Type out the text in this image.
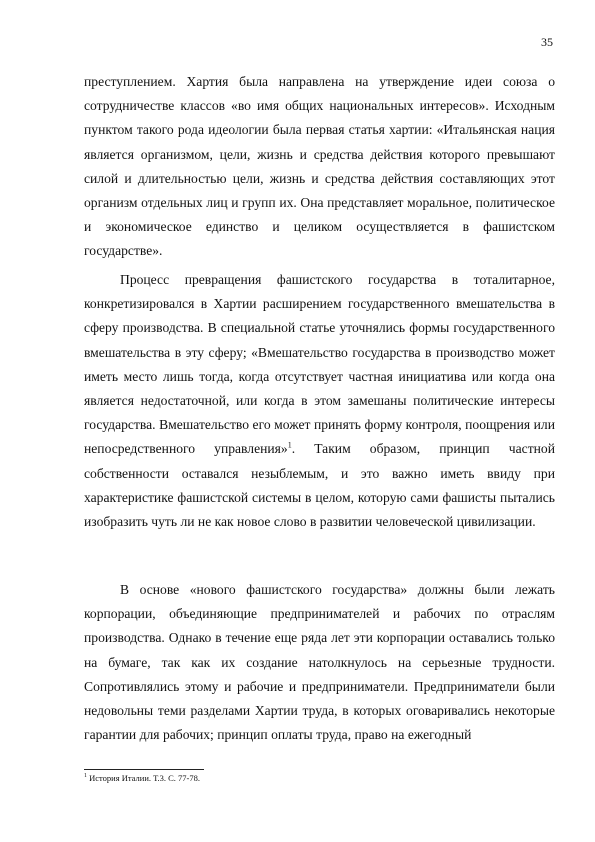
35

преступлением. Хартия была направлена на утверждение идеи союза о сотрудничестве классов «во имя общих национальных интересов». Исходным пунктом такого рода идеологии была первая статья хартии: «Итальянская нация является организмом, цели, жизнь и средства действия которого превышают силой и длительностью цели, жизнь и средства действия составляющих этот организм отдельных лиц и групп их. Она представляет моральное, политическое и экономическое единство и целиком осуществляется в фашистском государстве».

Процесс превращения фашистского государства в тоталитарное, конкретизировался в Хартии расширением государственного вмешательства в сферу производства. В специальной статье уточнялись формы государственного вмешательства в эту сферу; «Вмешательство государства в производство может иметь место лишь тогда, когда отсутствует частная инициатива или когда она является недостаточной, или когда в этом замешаны политические интересы государства. Вмешательство его может принять форму контроля, поощрения или непосредственного управления»$^1$. Таким образом, принцип частной собственности оставался незыблемым, и это важно иметь ввиду при характеристике фашистской системы в целом, которую сами фашисты пытались изобразить чуть ли не как новое слово в развитии человеческой цивилизации.

В основе «нового фашистского государства» должны были лежать корпорации, объединяющие предпринимателей и рабочих по отраслям производства. Однако в течение еще ряда лет эти корпорации оставались только на бумаге, так как их создание натолкнулось на серьезные трудности. Сопротивлялись этому и рабочие и предприниматели. Предприниматели были недовольны теми разделами Хартии труда, в которых оговаривались некоторые гарантии для рабочих; принцип оплаты труда, право на ежегодный

$^1$ История Италии. Т.3. С. 77-78.
